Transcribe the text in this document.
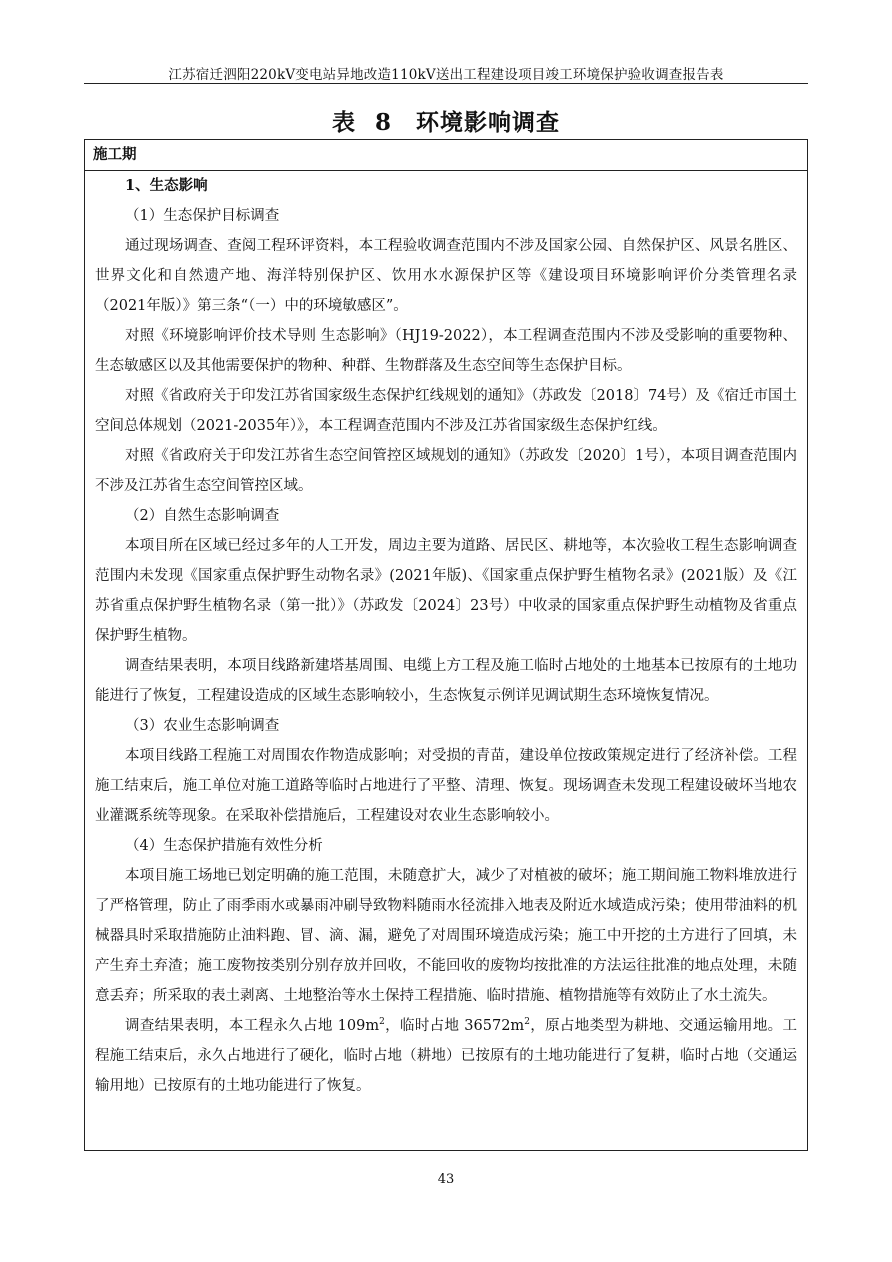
江苏宿迁泗阳220kV变电站异地改造110kV送出工程建设项目竣工环境保护验收调查报告表
表 8　环境影响调查
施工期

1、生态影响

（1）生态保护目标调查

通过现场调查、查阅工程环评资料，本工程验收调查范围内不涉及国家公园、自然保护区、风景名胜区、世界文化和自然遗产地、海洋特别保护区、饮用水水源保护区等《建设项目环境影响评价分类管理名录（2021年版）》第三条“（一）中的环境敏感区”。

对照《环境影响评价技术导则 生态影响》（HJ19-2022），本工程调查范围内不涉及受影响的重要物种、生态敏感区以及其他需要保护的物种、种群、生物群落及生态空间等生态保护目标。

对照《省政府关于印发江苏省国家级生态保护红线规划的通知》（苏政发〔2018〕74号）及《宿迁市国土空间总体规划（2021-2035年）》，本工程调查范围内不涉及江苏省国家级生态保护红线。

对照《省政府关于印发江苏省生态空间管控区域规划的通知》（苏政发〔2020〕1号），本项目调查范围内不涉及江苏省生态空间管控区域。

（2）自然生态影响调查

本项目所在区域已经过多年的人工开发，周边主要为道路、居民区、耕地等，本次验收工程生态影响调查范围内未发现《国家重点保护野生动物名录》(2021年版)、《国家重点保护野生植物名录》(2021版）及《江苏省重点保护野生植物名录（第一批）》（苏政发〔2024〕23号）中收录的国家重点保护野生动植物及省重点保护野生植物。

调查结果表明，本项目线路新建塔基周围、电缆上方工程及施工临时占地处的土地基本已按原有的土地功能进行了恢复，工程建设造成的区域生态影响较小，生态恢复示例详见调试期生态环境恢复情况。

（3）农业生态影响调查

本项目线路工程施工对周围农作物造成影响；对受损的青苗，建设单位按政策规定进行了经济补偿。工程施工结束后，施工单位对施工道路等临时占地进行了平整、清理、恢复。现场调查未发现工程建设破坏当地农业灌溉系统等现象。在采取补偿措施后，工程建设对农业生态影响较小。

（4）生态保护措施有效性分析

本项目施工场地已划定明确的施工范围，未随意扩大，减少了对植被的破坏；施工期间施工物料堆放进行了严格管理，防止了雨季雨水或暴雨冲刷导致物料随雨水径流排入地表及附近水域造成污染；使用带油料的机械器具时采取措施防止油料跑、冒、滴、漏，避免了对周围环境造成污染；施工中开挖的土方进行了回填，未产生弃土弃渣；施工废物按类别分别存放并回收，不能回收的废物均按批准的方法运往批准的地点处理，未随意丢弃；所采取的表土剥离、土地整治等水土保持工程措施、临时措施、植物措施等有效防止了水土流失。

调查结果表明，本工程永久占地 $109m^2$，临时占地 $36572m^2$，原占地类型为耕地、交通运输用地。工程施工结束后，永久占地进行了硬化，临时占地（耕地）已按原有的土地功能进行了复耕，临时占地（交通运输用地）已按原有的土地功能进行了恢复。

43
